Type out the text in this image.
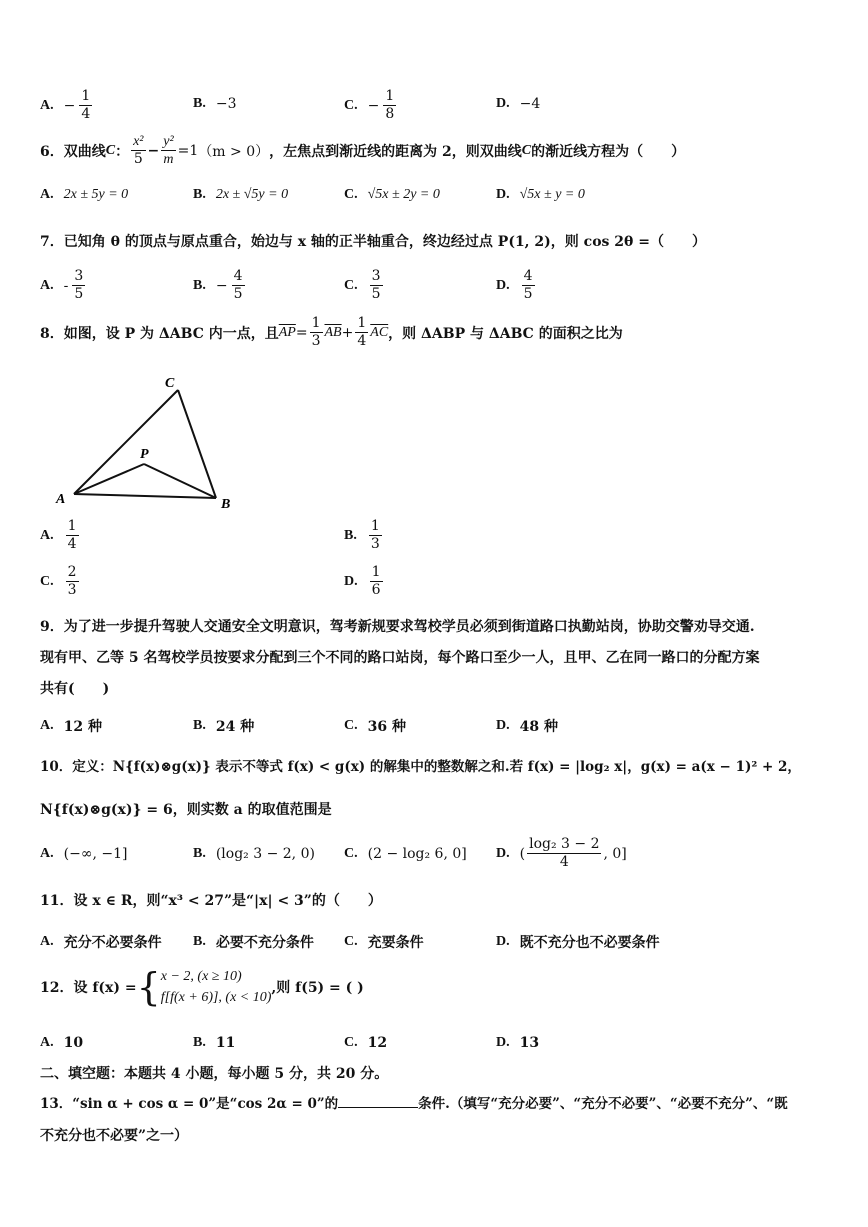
A. − $\frac{1}{4}$	B. −3	C. − $\frac{1}{8}$	D. −4
6．双曲线 C ： $\frac{\text{x²}}{5} - \frac{\text{y²}}{m} =1$ （m > 0） ，左焦点到渐近线的距离为 2，则双曲线 C 的渐近线方程为（　　）
A. 2x ± 5y = 0	B. 2x ± √5y = 0	C. √5x ± 2y = 0	D. √5x ± y = 0
7．已知角 θ 的顶点与原点重合，始边与 x 轴的正半轴重合，终边经过点 P(1, 2)，则 cos 2θ =（　　）
A. - $\frac{3}{5}$	B. − $\frac{4}{5}$	C. $\frac{3}{5}$	D. $\frac{4}{5}$
8．如图，设 P 为 ΔABC 内一点，且 $\overline{AP} = \frac{1}{3} \overline{AB} + \frac{1}{4} \overline{AC}$ ，则 ΔABP 与 ΔABC 的面积之比为
A	B
C
P
A. $\frac{1}{4}$	B. $\frac{1}{3}$
C. $\frac{2}{3}$	D. $\frac{1}{6}$
9．为了进一步提升驾驶人交通安全文明意识，驾考新规要求驾校学员必须到街道路口执勤站岗，协助交警劝导交通.
现有甲、乙等 5 名驾校学员按要求分配到三个不同的路口站岗，每个路口至少一人，且甲、乙在同一路口的分配方案
共有(　　)
A. 12 种	B. 24 种	C. 36 种	D. 48 种
10．定义：N{f(x)⊗g(x)} 表示不等式 f(x) < g(x) 的解集中的整数解之和.若 f(x) = |log₂ x|，g(x) = a(x − 1)² + 2，
N{f(x)⊗g(x)} = 6，则实数 a 的取值范围是
A. (−∞, −1]	B. (log₂ 3 − 2, 0) C. (2 − log₂ 6, 0] D. ( $\frac{\text{log₂ 3 − 2}}{4}$ , 0]
11．设 x ∈ R，则“x³ < 27”是“|x| < 3”的（　　）
A. 充分不必要条件 B. 必要不充分条件 C. 充要条件	D. 既不充分也不必要条件
12．设 f(x) = { x − 2, (x ≥ 10)
f[f(x + 6)], (x < 10)
,则 f(5) = ( )
A. 10	B. 11	C. 12	D. 13
二、填空题：本题共 4 小题，每小题 5 分，共 20 分。
13．“sin α + cos α = 0”是“cos 2α = 0”的	条件.（填写“充分必要”、“充分不必要”、“必要不充分”、“既
不充分也不必要”之一）
